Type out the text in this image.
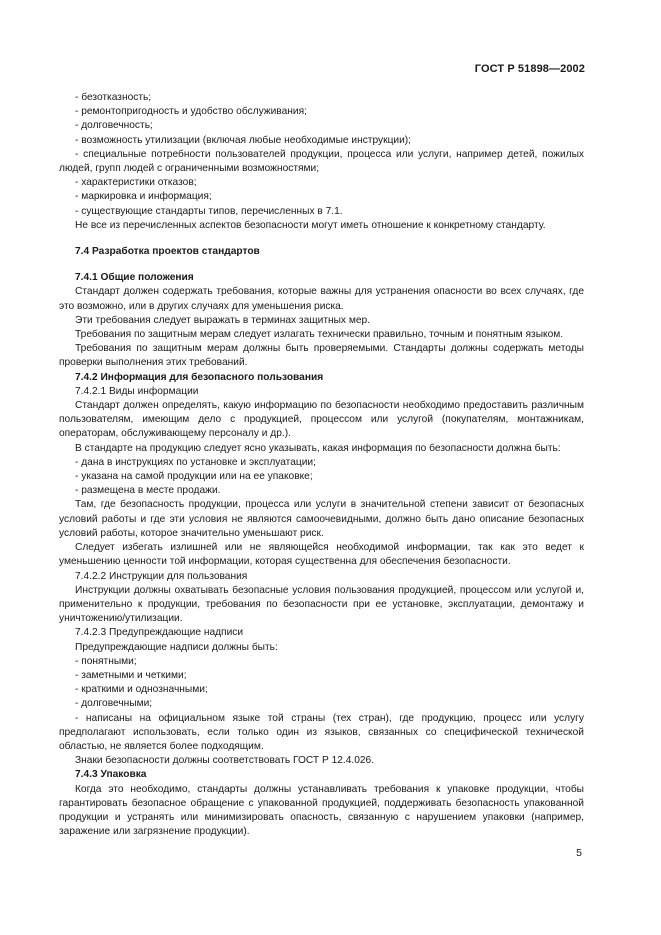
ГОСТ Р 51898—2002

- безотказность;

- ремонтопригодность и удобство обслуживания;

- долговечность;

- возможность утилизации (включая любые необходимые инструкции);

- специальные потребности пользователей продукции, процесса или услуги, например детей, пожилых людей, групп людей с ограниченными возможностями;

- характеристики отказов;

- маркировка и информация;

- существующие стандарты типов, перечисленных в 7.1.

Не все из перечисленных аспектов безопасности могут иметь отношение к конкретному стандарту.

7.4 Разработка проектов стандартов

7.4.1 Общие положения

Стандарт должен содержать требования, которые важны для устранения опасности во всех случаях, где это возможно, или в других случаях для уменьшения риска.

Эти требования следует выражать в терминах защитных мер.

Требования по защитным мерам следует излагать технически правильно, точным и понятным языком.

Требования по защитным мерам должны быть проверяемыми. Стандарты должны содержать методы проверки выполнения этих требований.

7.4.2 Информация для безопасного пользования

7.4.2.1 Виды информации

Стандарт должен определять, какую информацию по безопасности необходимо предоставить различным пользователям, имеющим дело с продукцией, процессом или услугой (покупателям, монтажникам, операторам, обслуживающему персоналу и др.).

В стандарте на продукцию следует ясно указывать, какая информация по безопасности должна быть:

- дана в инструкциях по установке и эксплуатации;

- указана на самой продукции или на ее упаковке;

- размещена в месте продажи.

Там, где безопасность продукции, процесса или услуги в значительной степени зависит от безопасных условий работы и где эти условия не являются самоочевидными, должно быть дано описание безопасных условий работы, которое значительно уменьшают риск.

Следует избегать излишней или не являющейся необходимой информации, так как это ведет к уменьшению ценности той информации, которая существенна для обеспечения безопасности.

7.4.2.2 Инструкции для пользования

Инструкции должны охватывать безопасные условия пользования продукцией, процессом или услугой и, применительно к продукции, требования по безопасности при ее установке, эксплуатации, демонтажу и уничтожению/утилизации.

7.4.2.3 Предупреждающие надписи

Предупреждающие надписи должны быть:

- понятными;

- заметными и четкими;

- краткими и однозначными;

- долговечными;

- написаны на официальном языке той страны (тех стран), где продукцию, процесс или услугу предполагают использовать, если только один из языков, связанных со специфической технической областью, не является более подходящим.

Знаки безопасности должны соответствовать ГОСТ Р 12.4.026.

7.4.3 Упаковка

Когда это необходимо, стандарты должны устанавливать требования к упаковке продукции, чтобы гарантировать безопасное обращение с упакованной продукцией, поддерживать безопасность упакованной продукции и устранять или минимизировать опасность, связанную с нарушением упаковки (например, заражение или загрязнение продукции).

5
